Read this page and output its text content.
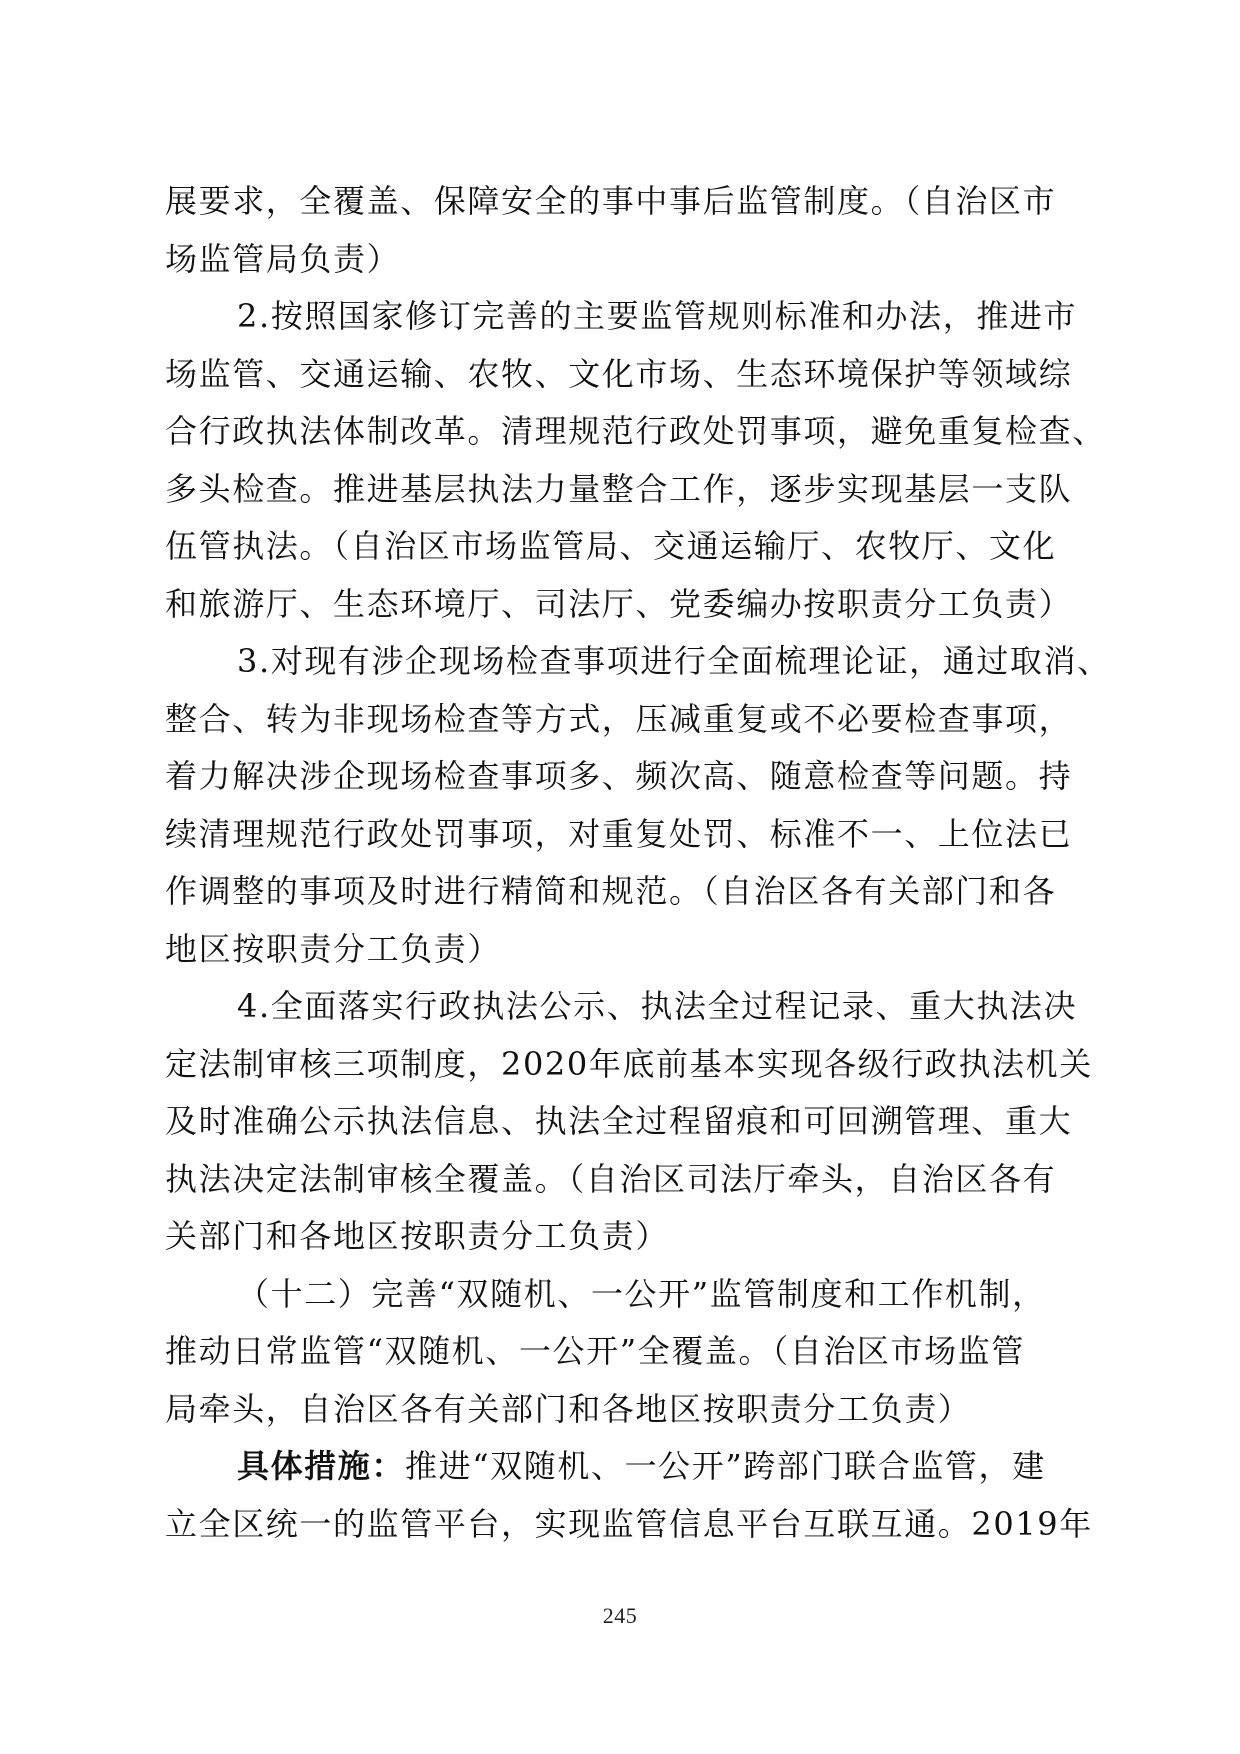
展要求，全覆盖、保障安全的事中事后监管制度。（自治区市
场监管局负责）
2.按照国家修订完善的主要监管规则标准和办法，推进市
场监管、交通运输、农牧、文化市场、生态环境保护等领域综
合行政执法体制改革。清理规范行政处罚事项，避免重复检查、
多头检查。推进基层执法力量整合工作，逐步实现基层一支队
伍管执法。（自治区市场监管局、交通运输厅、农牧厅、文化
和旅游厅、生态环境厅、司法厅、党委编办按职责分工负责）
3.对现有涉企现场检查事项进行全面梳理论证，通过取消、
整合、转为非现场检查等方式，压减重复或不必要检查事项，
着力解决涉企现场检查事项多、频次高、随意检查等问题。持
续清理规范行政处罚事项，对重复处罚、标准不一、上位法已
作调整的事项及时进行精简和规范。（自治区各有关部门和各
地区按职责分工负责）
4.全面落实行政执法公示、执法全过程记录、重大执法决
定法制审核三项制度，2020年底前基本实现各级行政执法机关
及时准确公示执法信息、执法全过程留痕和可回溯管理、重大
执法决定法制审核全覆盖。（自治区司法厅牵头，自治区各有
关部门和各地区按职责分工负责）
（十二）完善“双随机、一公开”监管制度和工作机制，
推动日常监管“双随机、一公开”全覆盖。（自治区市场监管
局牵头，自治区各有关部门和各地区按职责分工负责）
具体措施：推进“双随机、一公开”跨部门联合监管，建
立全区统一的监管平台，实现监管信息平台互联互通。2019年
245
